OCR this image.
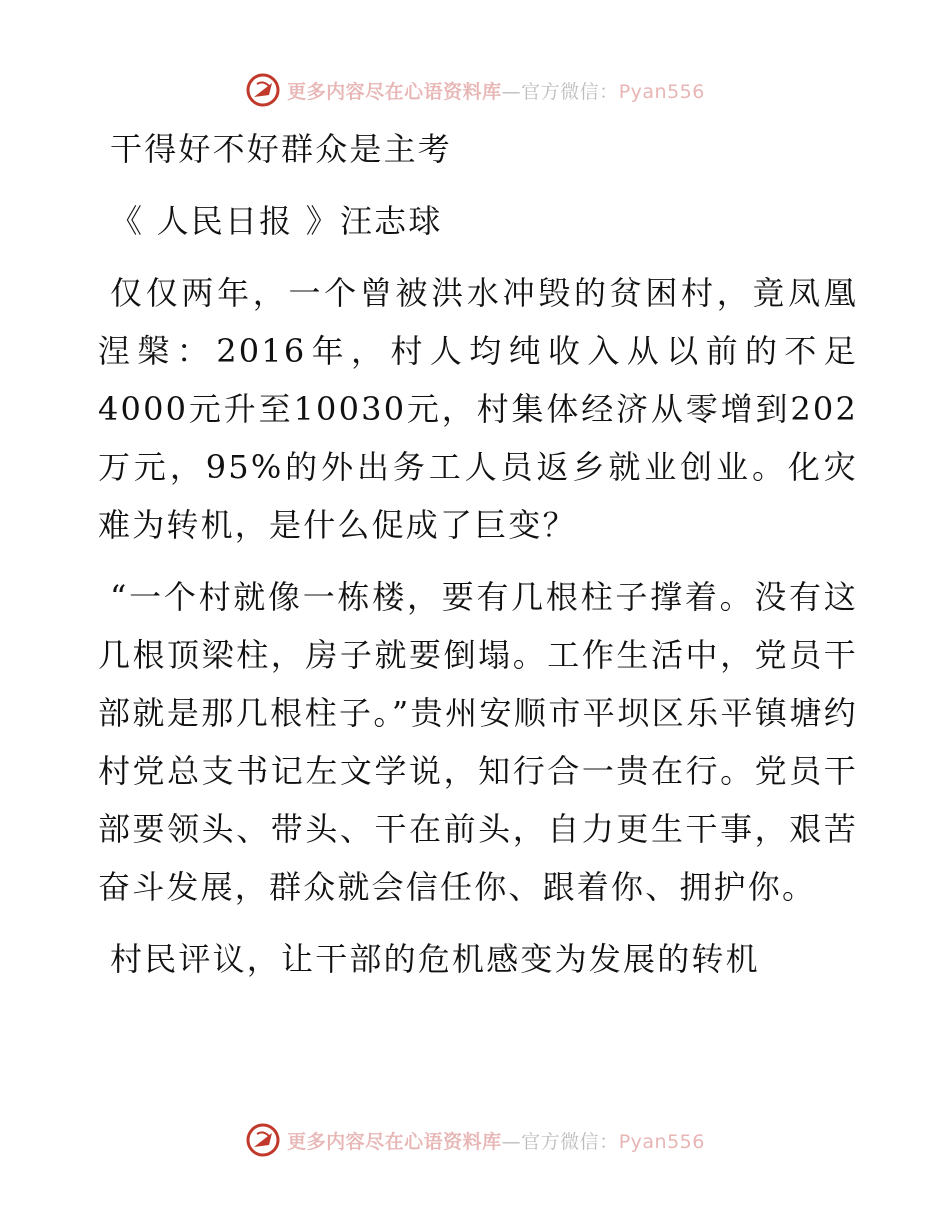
更多内容尽在心语资料库—官方微信：Pyan556

干得好不好群众是主考

《 人民日报 》汪志球

仅仅两年，一个曾被洪水冲毁的贫困村，竟凤凰涅槃：2016年，村人均纯收入从以前的不足4000元升至10030元，村集体经济从零增到202万元，95%的外出务工人员返乡就业创业。化灾难为转机，是什么促成了巨变？

“一个村就像一栋楼，要有几根柱子撑着。没有这几根顶梁柱，房子就要倒塌。工作生活中，党员干部就是那几根柱子。”贵州安顺市平坝区乐平镇塘约村党总支书记左文学说，知行合一贵在行。党员干部要领头、带头、干在前头，自力更生干事，艰苦奋斗发展，群众就会信任你、跟着你、拥护你。

村民评议，让干部的危机感变为发展的转机

更多内容尽在心语资料库—官方微信：Pyan556
